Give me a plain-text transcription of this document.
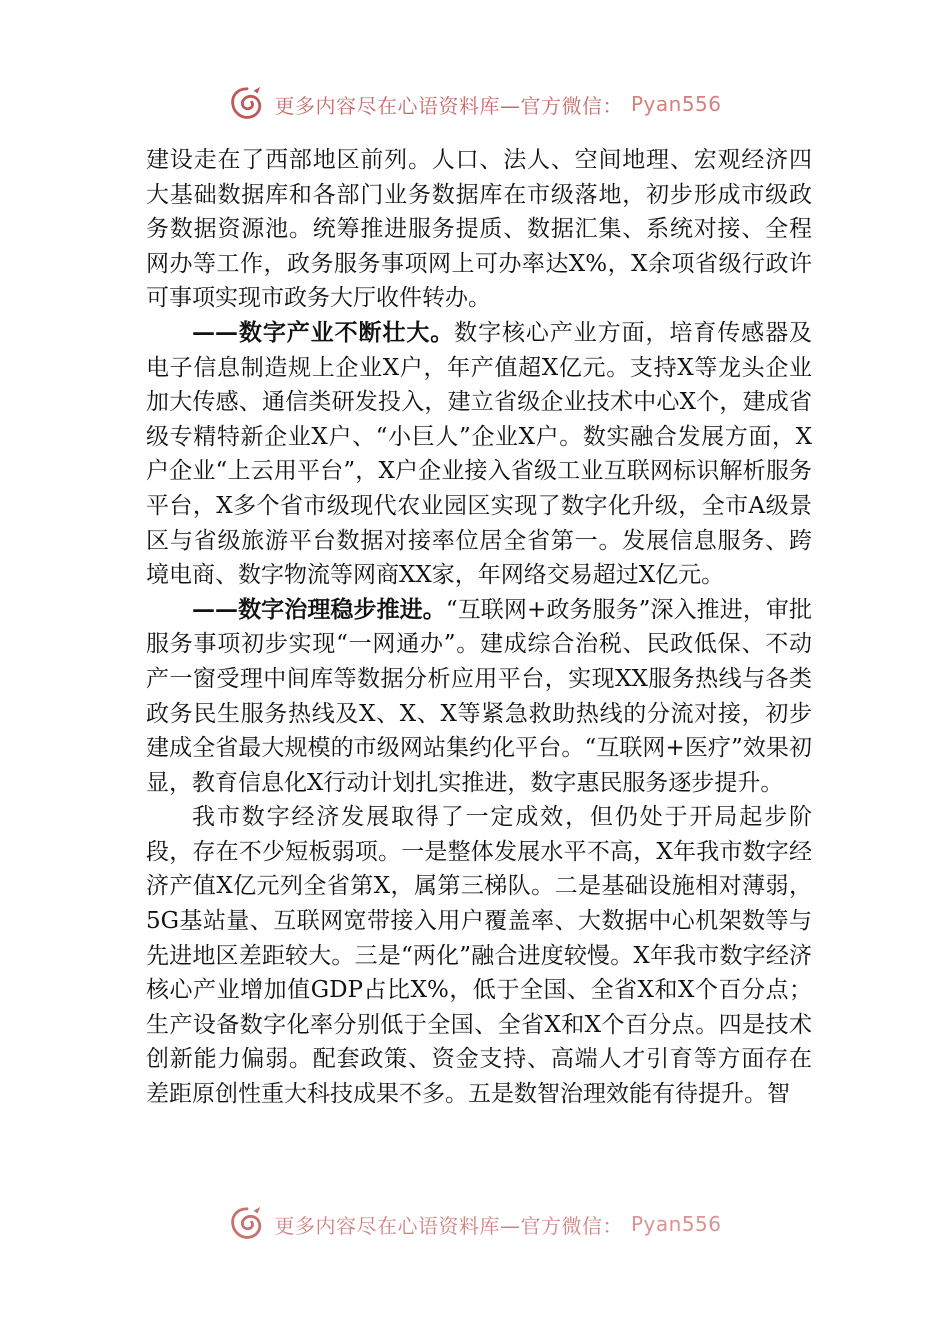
更多内容尽在心语资料库—官方微信： Pyan556

建设走在了西部地区前列。人口、法人、空间地理、宏观经济四大基础数据库和各部门业务数据库在市级落地，初步形成市级政务数据资源池。统筹推进服务提质、数据汇集、系统对接、全程网办等工作，政务服务事项网上可办率达X%，X余项省级行政许可事项实现市政务大厅收件转办。

——数字产业不断壮大。数字核心产业方面，培育传感器及电子信息制造规上企业X户，年产值超X亿元。支持X等龙头企业加大传感、通信类研发投入，建立省级企业技术中心X个，建成省级专精特新企业X户、“小巨人”企业X户。数实融合发展方面，X户企业“上云用平台”，X户企业接入省级工业互联网标识解析服务平台，X多个省市级现代农业园区实现了数字化升级，全市A级景区与省级旅游平台数据对接率位居全省第一。发展信息服务、跨境电商、数字物流等网商XX家，年网络交易超过X亿元。

——数字治理稳步推进。“互联网+政务服务”深入推进，审批服务事项初步实现“一网通办”。建成综合治税、民政低保、不动产一窗受理中间库等数据分析应用平台，实现XX服务热线与各类政务民生服务热线及X、X、X等紧急救助热线的分流对接，初步建成全省最大规模的市级网站集约化平台。“互联网+医疗”效果初显，教育信息化X行动计划扎实推进，数字惠民服务逐步提升。

我市数字经济发展取得了一定成效，但仍处于开局起步阶段，存在不少短板弱项。一是整体发展水平不高，X年我市数字经济产值X亿元列全省第X，属第三梯队。二是基础设施相对薄弱，5G基站量、互联网宽带接入用户覆盖率、大数据中心机架数等与先进地区差距较大。三是“两化”融合进度较慢。X年我市数字经济核心产业增加值GDP占比X%，低于全国、全省X和X个百分点；生产设备数字化率分别低于全国、全省X和X个百分点。四是技术创新能力偏弱。配套政策、资金支持、高端人才引育等方面存在差距原创性重大科技成果不多。五是数智治理效能有待提升。智

更多内容尽在心语资料库—官方微信： Pyan556
